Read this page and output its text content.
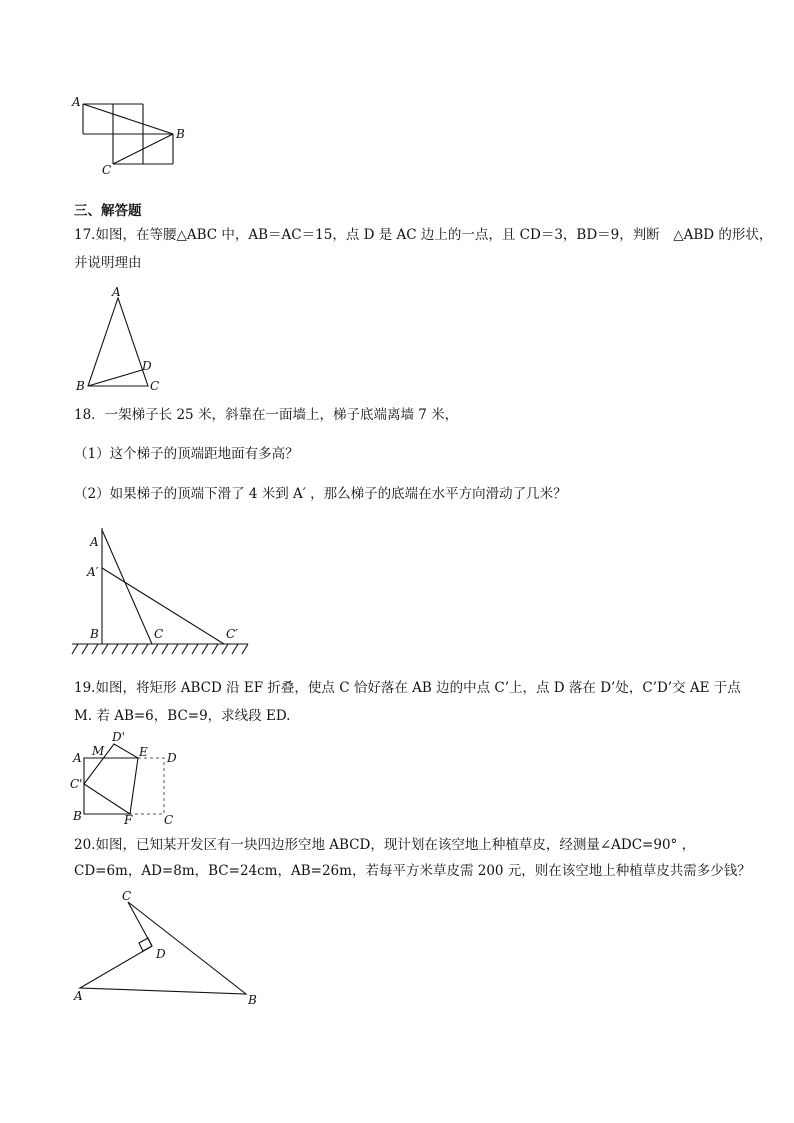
A
B
C
三、解答题
17.如图，在等腰△ABC 中，AB＝AC＝15，点 D 是 AC 边上的一点，且 CD＝3，BD＝9，判断　△ABD 的形状，
并说明理由
A
B	C
D
18．一架梯子长 25 米，斜靠在一面墙上，梯子底端离墙 7 米，
（1）这个梯子的顶端距地面有多高？
（2）如果梯子的顶端下滑了 4 米到 A′ ，那么梯子的底端在水平方向滑动了几米？
A
A′
B	C	C′
19.如图，将矩形 ABCD 沿 EF 折叠，使点 C 恰好落在 AB 边的中点 C’上，点 D 落在 D’处，C’D’交 AE 于点
M. 若 AB=6，BC=9，求线段 ED.
A
B
C'
M
D'
E D
F	C
20.如图，已知某开发区有一块四边形空地 ABCD，现计划在该空地上种植草皮，经测量∠ADC=90° ，
CD=6m，AD=8m，BC=24cm，AB=26m，若每平方米草皮需 200 元，则在该空地上种植草皮共需多少钱？
A	B
C
D
